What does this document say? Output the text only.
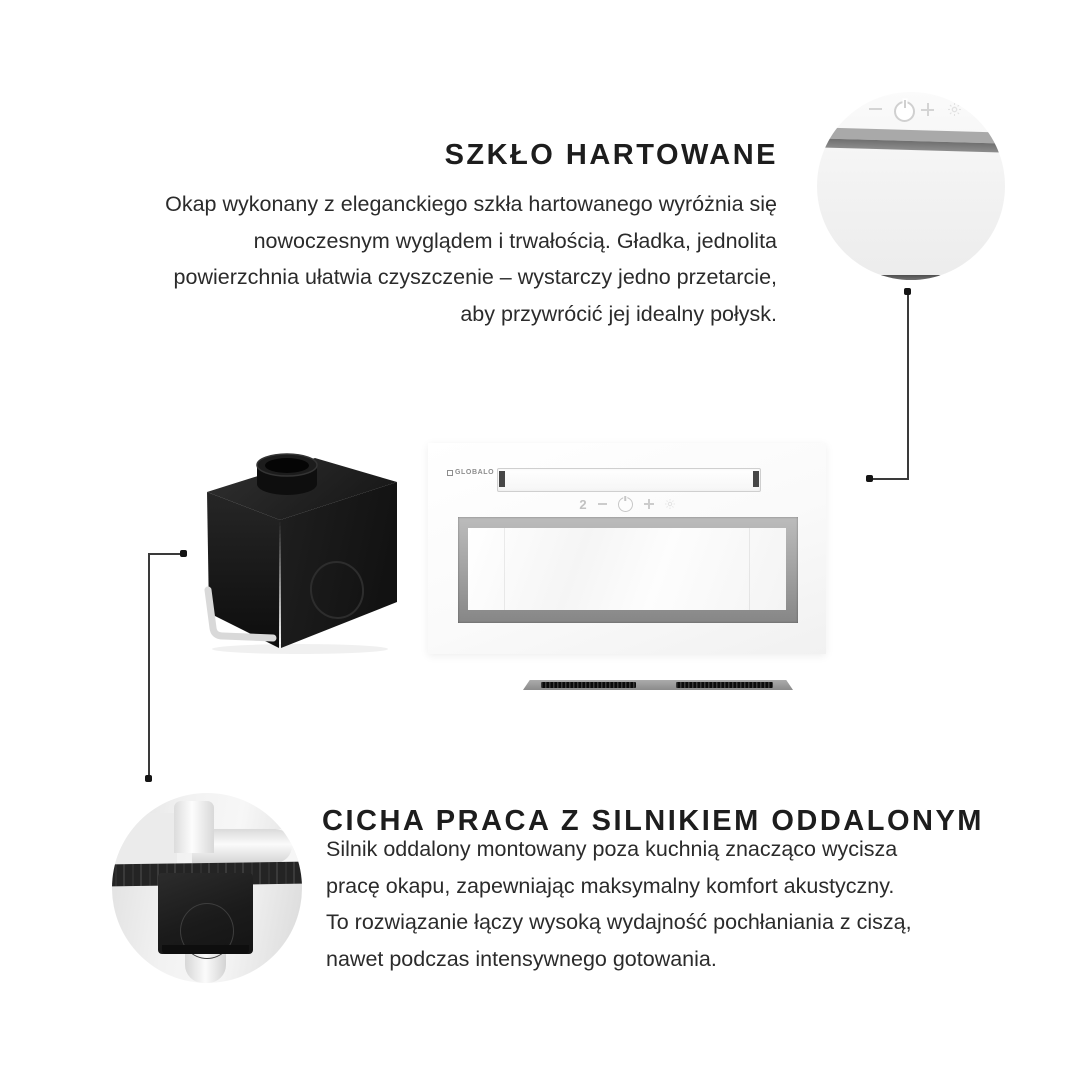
SZKŁO HARTOWANE
Okap wykonany z eleganckiego szkła hartowanego wyróżnia się
nowoczesnym wyglądem i trwałością. Gładka, jednolita
powierzchnia ułatwia czyszczenie – wystarczy jedno przetarcie,
aby przywrócić jej idealny połysk.
GLOBALO
2
CICHA PRACA Z SILNIKIEM ODDALONYM
Silnik oddalony montowany poza kuchnią znacząco wycisza
pracę okapu, zapewniając maksymalny komfort akustyczny.
To rozwiązanie łączy wysoką wydajność pochłaniania z ciszą,
nawet podczas intensywnego gotowania.
